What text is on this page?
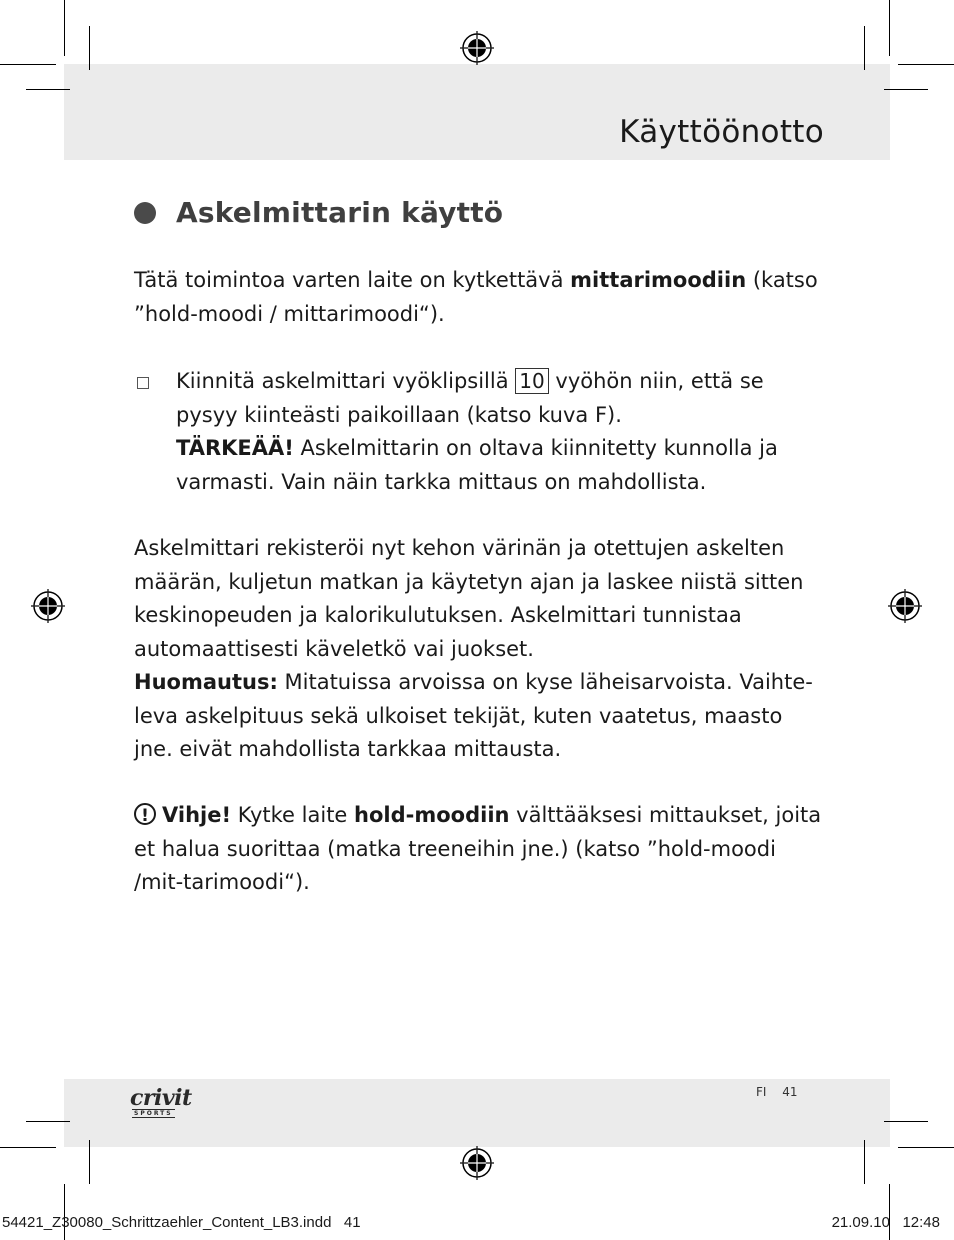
Käyttöönotto
Askelmittarin käyttö
Tätä toimintoa varten laite on kytkettävä mittarimoodiin (katso ”hold-moodi / mittarimoodi“).
Kiinnitä askelmittari vyöklipsillä 10 vyöhön niin, että se pysyy kiinteästi paikoillaan (katso kuva F).
TÄRKEÄÄ! Askelmittarin on oltava kiinnitetty kunnolla ja varmasti. Vain näin tarkka mittaus on mahdollista.
Askelmittari rekisteröi nyt kehon värinän ja otettujen askelten määrän, kuljetun matkan ja käytetyn ajan ja laskee niistä sitten keskinopeuden ja kalorikulutuksen. Askelmittari tunnistaa automaattisesti käveletkö vai juokset.
Huomautus: Mitatuissa arvoissa on kyse läheisarvoista. Vaihte-leva askelpituus sekä ulkoiset tekijät, kuten vaatetus, maasto jne. eivät mahdollista tarkkaa mittausta.
! Vihje! Kytke laite hold-moodiin välttääksesi mittaukset, joita et halua suorittaa (matka treeneihin jne.) (katso ”hold-moodi /mit-tarimoodi“).
crivit
SPORTS
FI 41
54421_Z30080_Schrittzaehler_Content_LB3.indd   41	21.09.10   12:48
